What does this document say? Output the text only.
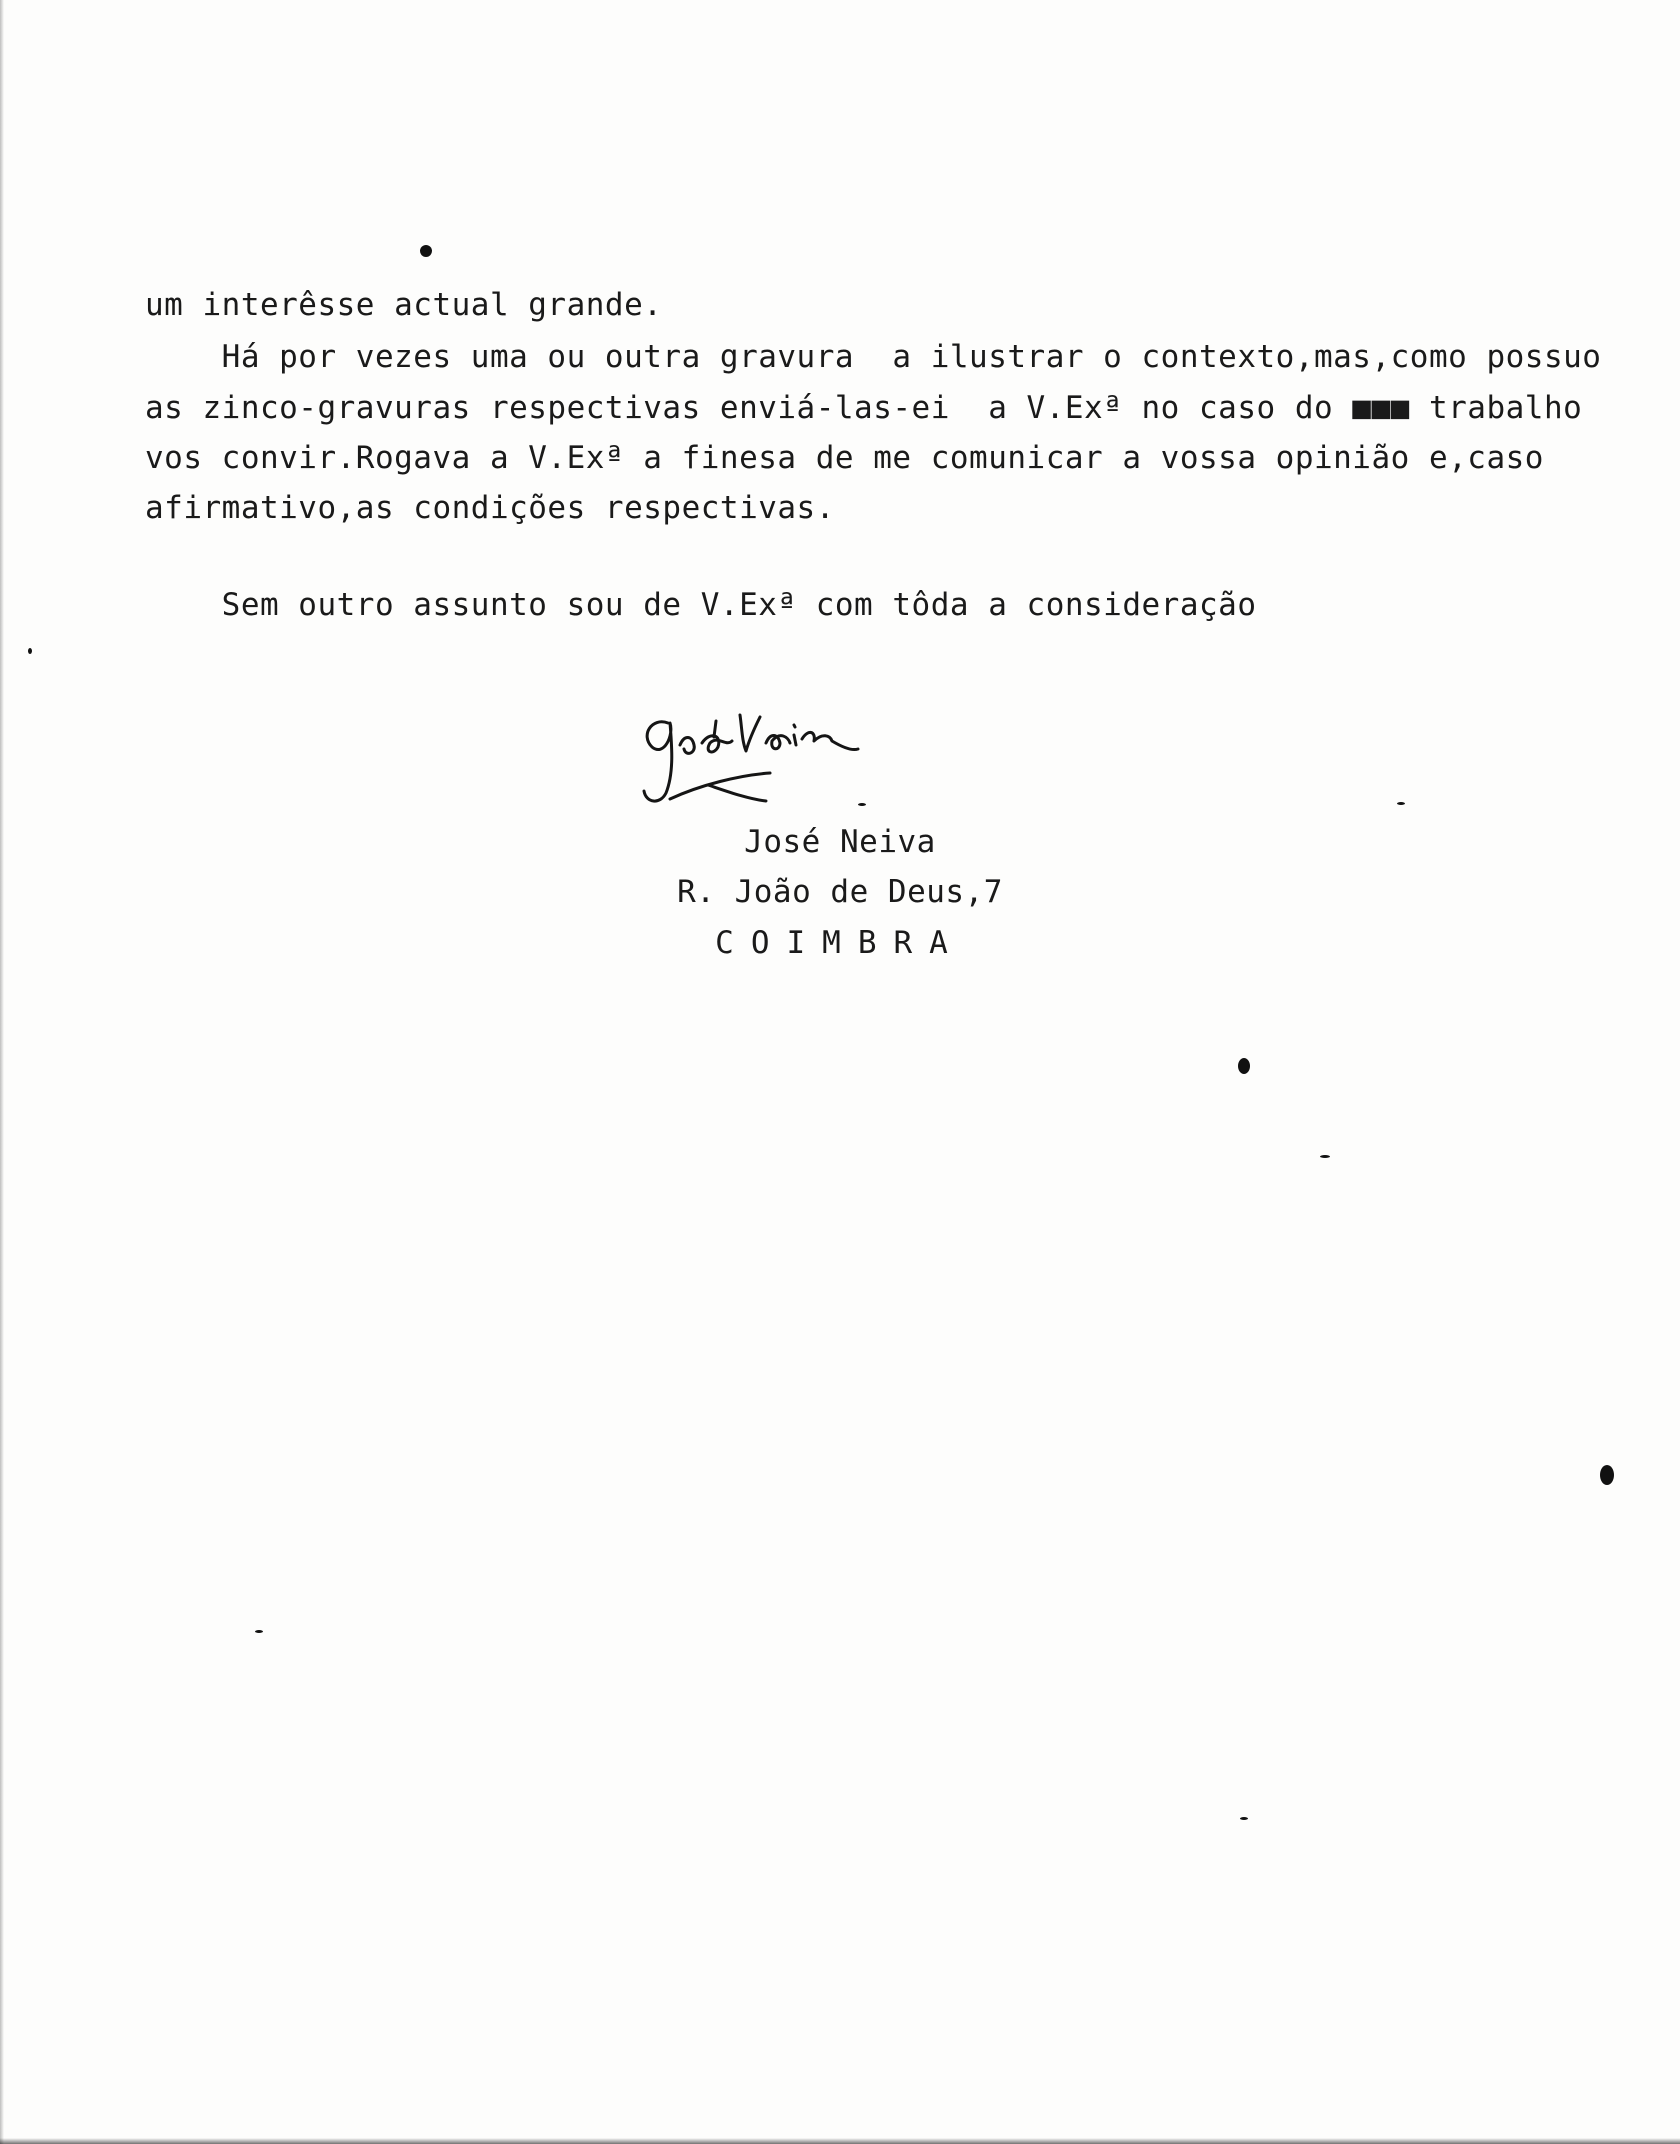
um interêsse actual grande.
Há por vezes uma ou outra gravura  a ilustrar o contexto,mas,como possuo
as zinco-gravuras respectivas enviá-las-ei  a V.Exª no caso do ■■■ trabalho
vos convir.Rogava a V.Exª a finesa de me comunicar a vossa opinião e,caso
afirmativo,as condições respectivas.
Sem outro assunto sou de V.Exª com tôda a consideração
José Neiva
R. João de Deus,7
COIMBRA
